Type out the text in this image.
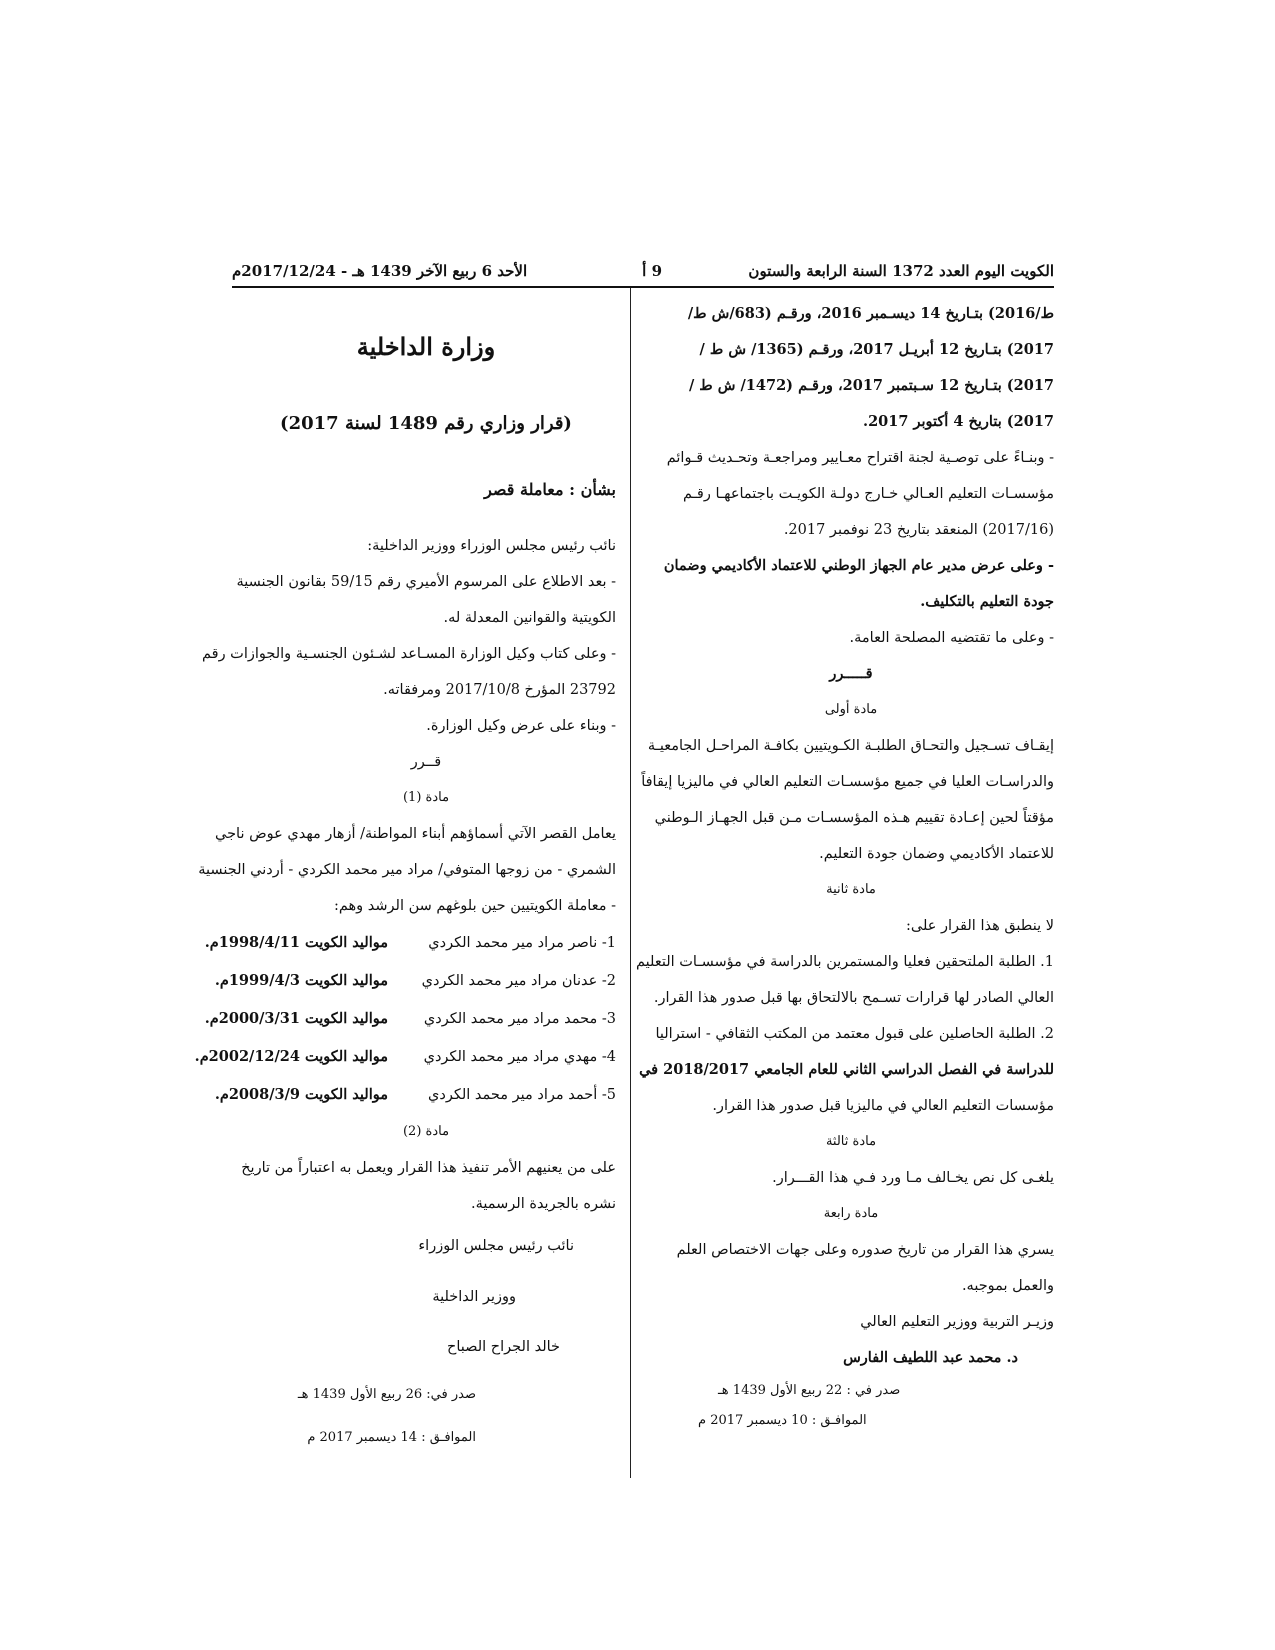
الكويت اليوم العدد 1372 السنة الرابعة والستون
9 أ
الأحد 6 ربيع الآخر 1439 هـ - 2017/12/24م

ط/2016) بتـاريخ 14 ديسـمبر 2016، ورقـم (683/ش ط/

2017) بتـاريخ 12 أبريـل 2017، ورقـم (1365/ ش ط /

2017) بتـاريخ 12 سـبتمبر 2017، ورقـم (1472/ ش ط /

2017) بتاريخ 4 أكتوبر 2017.

- وبنـاءً على توصـية لجنة اقتراح معـايير ومراجعـة وتحـديث قـوائم

مؤسسـات التعليم العـالي خـارج دولـة الكويـت باجتماعهـا رقـم

(2017/16) المنعقد بتاريخ 23 نوفمبر 2017.

- وعلى عرض مدير عام الجهاز الوطني للاعتماد الأكاديمي وضمان

جودة التعليم بالتكليف.

- وعلى ما تقتضيه المصلحة العامة.

قـــــرر

مادة أولى

إيقـاف تسـجيل والتحـاق الطلبـة الكـويتيين بكافـة المراحـل الجامعيـة

والدراسـات العليا في جميع مؤسسـات التعليم العالي في ماليزيا إيقافاً

مؤقتاً لحين إعـادة تقييم هـذه المؤسسـات مـن قبل الجهـاز الـوطني

للاعتماد الأكاديمي وضمان جودة التعليم.

مادة ثانية

لا ينطبق هذا القرار على:

1. الطلبة الملتحقين فعليا والمستمرين بالدراسة في مؤسسـات التعليم

العالي الصادر لها قرارات تسـمح بالالتحاق بها قبل صدور هذا القرار.

2. الطلبة الحاصلين على قبول معتمد من المكتب الثقافي - استراليا

للدراسة في الفصل الدراسي الثاني للعام الجامعي 2018/2017 في

مؤسسات التعليم العالي في ماليزيا قبل صدور هذا القرار.

مادة ثالثة

يلغـى كل نص يخـالف مـا ورد فـي هذا القـــرار.

مادة رابعة

يسري هذا القرار من تاريخ صدوره وعلى جهات الاختصاص العلم

والعمل بموجبه.

وزيـر التربية ووزير التعليم العالي

د. محمد عبد اللطيف الفارس

صدر في : 22 ربيع الأول 1439 هـ

الموافـق : 10 ديسمبر 2017 م

وزارة الداخلية

(قرار وزاري رقم 1489 لسنة 2017)

بشأن : معاملة قصر

نائب رئيس مجلس الوزراء ووزير الداخلية:

- بعد الاطلاع على المرسوم الأميري رقم 59/15 بقانون الجنسية

الكويتية والقوانين المعدلة له.

- وعلى كتاب وكيل الوزارة المسـاعد لشـئون الجنسـية والجوازات رقم

23792 المؤرخ 2017/10/8 ومرفقاته.

- وبناء على عرض وكيل الوزارة.

قــرر

مادة (1)

يعامل القصر الآتي أسماؤهم أبناء المواطنة/ أزهار مهدي عوض ناجي

الشمري - من زوجها المتوفي/ مراد مير محمد الكردي - أردني الجنسية

- معاملة الكويتيين حين بلوغهم سن الرشد وهم:

1- ناصر مراد مير محمد الكردي
مواليد الكويت 1998/4/11م.
2- عدنان مراد مير محمد الكردي
مواليد الكويت 1999/4/3م.
3- محمد مراد مير محمد الكردي
مواليد الكويت 2000/3/31م.
4- مهدي مراد مير محمد الكردي
مواليد الكويت 2002/12/24م.
5- أحمد مراد مير محمد الكردي
مواليد الكويت 2008/3/9م.

مادة (2)

على من يعنيهم الأمر تنفيذ هذا القرار ويعمل به اعتباراً من تاريخ

نشره بالجريدة الرسمية.

نائب رئيس مجلس الوزراء

ووزير الداخلية

خالد الجراح الصباح

صدر في: 26 ربيع الأول 1439 هـ

الموافـق : 14 ديسمبر 2017 م
